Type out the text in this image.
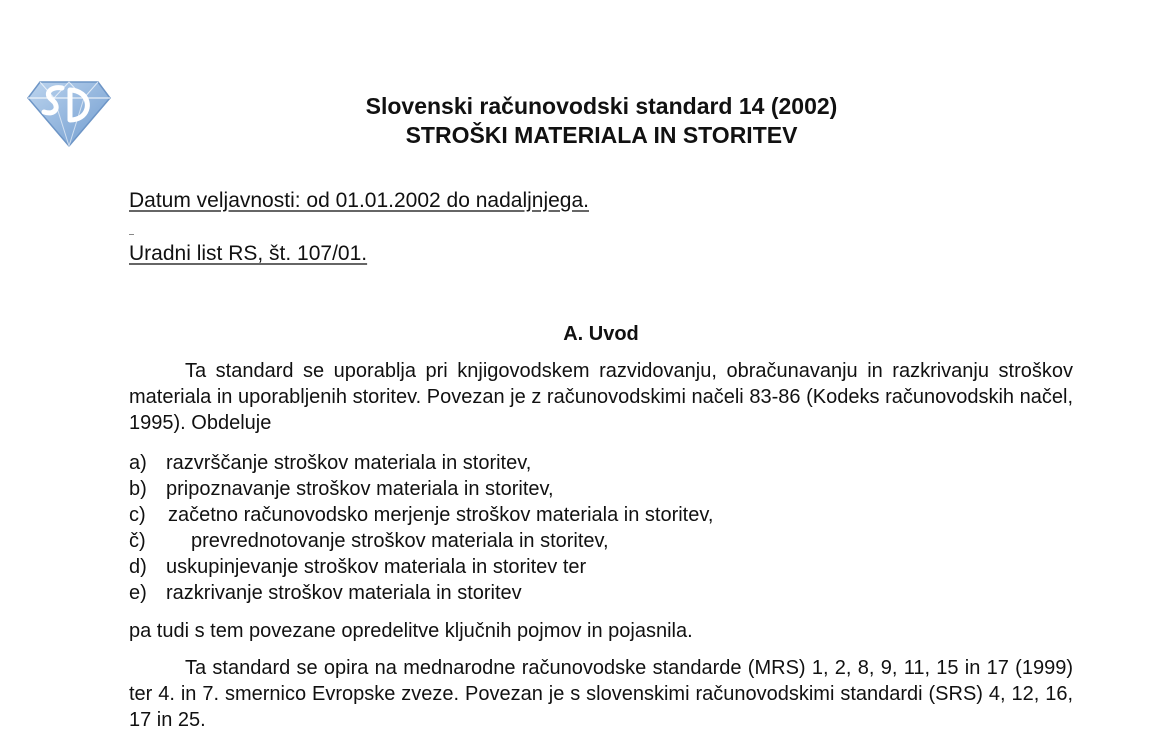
Slovenski računovodski standard 14 (2002)
STROŠKI MATERIALA IN STORITEV
Datum veljavnosti: od 01.01.2002 do nadaljnjega.
Uradni list RS, št. 107/01.
A. Uvod

Ta standard se uporablja pri knjigovodskem razvidovanju, obračunavanju in razkrivanju stroškov materiala in uporabljenih storitev. Povezan je z računovodskimi načeli 83-86 (Kodeks računovodskih načel, 1995). Obdeluje

a) razvrščanje stroškov materiala in storitev,
b) pripoznavanje stroškov materiala in storitev,
c)	začetno računovodsko merjenje stroškov materiala in storitev,
č)	prevrednotovanje stroškov materiala in storitev,
d) uskupinjevanje stroškov materiala in storitev ter
e) razkrivanje stroškov materiala in storitev

pa tudi s tem povezane opredelitve ključnih pojmov in pojasnila.

Ta standard se opira na mednarodne računovodske standarde (MRS) 1, 2, 8, 9, 11, 15 in 17 (1999) ter 4. in 7. smernico Evropske zveze. Povezan je s slovenskimi računovodskimi standardi (SRS) 4, 12, 16, 17 in 25.
